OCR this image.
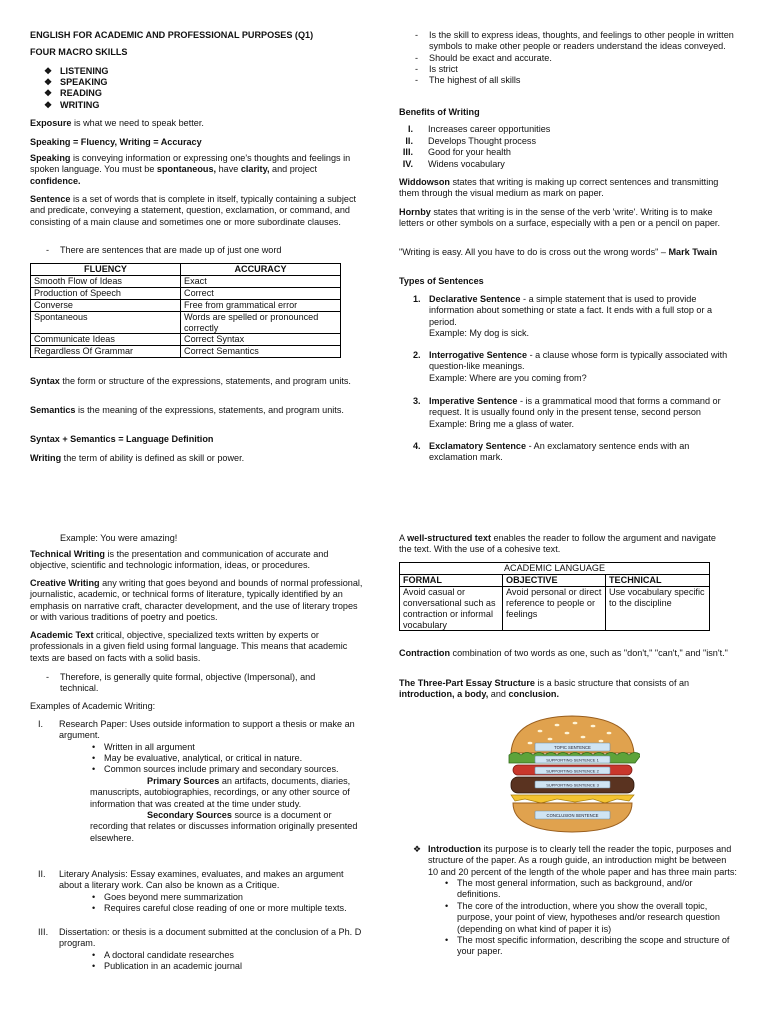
ENGLISH FOR ACADEMIC AND PROFESSIONAL PURPOSES (Q1)

FOUR MACRO SKILLS

❖ LISTENING
❖ SPEAKING
❖ READING
❖ WRITING

Exposure is what we need to speak better.

Speaking = Fluency, Writing = Accuracy

Speaking is conveying information or expressing one's thoughts and feelings in spoken language. You must be spontaneous, have clarity, and project confidence.

Sentence is a set of words that is complete in itself, typically containing a subject and predicate, conveying a statement, question, exclamation, or command, and consisting of a main clause and sometimes one or more subordinate clauses.

- There are sentences that are made up of just one word
FLUENCY	ACCURACY
Smooth Flow of Ideas	Exact
Production of Speech	Correct
Converse	Free from grammatical error
Spontaneous	Words are spelled or pronounced correctly
Communicate Ideas	Correct Syntax
Regardless Of Grammar	Correct Semantics

Syntax the form or structure of the expressions, statements, and program units.

Semantics is the meaning of the expressions, statements, and program units.

Syntax + Semantics = Language Definition

Writing the term of ability is defined as skill or power.

- Is the skill to express ideas, thoughts, and feelings to other people in written symbols to make other people or readers understand the ideas conveyed.
- Should be exact and accurate.
- Is strict
- The highest of all skills

Benefits of Writing

I. Increases career opportunities
II. Develops Thought process
III. Good for your health
IV. Widens vocabulary

Widdowson states that writing is making up correct sentences and transmitting them through the visual medium as mark on paper.

Hornby states that writing is in the sense of the verb 'write'. Writing is to make letters or other symbols on a surface, especially with a pen or a pencil on paper.

"Writing is easy. All you have to do is cross out the wrong words" – Mark Twain

Types of Sentences

1. Declarative Sentence - a simple statement that is used to provide information about something or state a fact. It ends with a full stop or a period.
Example: My dog is sick.
2. Interrogative Sentence - a clause whose form is typically associated with question-like meanings.
Example: Where are you coming from?
3. Imperative Sentence - is a grammatical mood that forms a command or request. It is usually found only in the present tense, second person
Example: Bring me a glass of water.
4. Exclamatory Sentence - An exclamatory sentence ends with an exclamation mark.

Example: You were amazing!

Technical Writing is the presentation and communication of accurate and objective, scientific and technologic information, ideas, or procedures.

Creative Writing any writing that goes beyond and bounds of normal professional, journalistic, academic, or technical forms of literature, typically identified by an emphasis on narrative craft, character development, and the use of literary tropes or with various traditions of poetry and poetics.

Academic Text critical, objective, specialized texts written by experts or professionals in a given field using formal language. This means that academic texts are based on facts with a solid basis.

- Therefore, is generally quite formal, objective (Impersonal), and technical.

Examples of Academic Writing:

I. Research Paper: Uses outside information to support a thesis or make an argument.
• Written in all argument
• May be evaluative, analytical, or critical in nature.
• Common sources include primary and secondary sources.

Primary Sources an artifacts, documents, diaries, manuscripts, autobiographies, recordings, or any other source of information that was created at the time under study.

Secondary Sources source is a document or recording that relates or discusses information originally presented elsewhere.

II. Literary Analysis: Essay examines, evaluates, and makes an argument about a literary work. Can also be known as a Critique.
• Goes beyond mere summarization
• Requires careful close reading of one or more multiple texts.
III. Dissertation: or thesis is a document submitted at the conclusion of a Ph. D program.
• A doctoral candidate researches
• Publication in an academic journal

A well-structured text enables the reader to follow the argument and navigate the text. With the use of a cohesive text.

ACADEMIC LANGUAGE		
FORMAL	OBJECTIVE	TECHNICAL
Avoid casual or conversational such as contraction or informal vocabulary	Avoid personal or direct reference to people or feelings	Use vocabulary specific to the discipline

Contraction combination of two words as one, such as "don't," "can't," and "isn't."

The Three-Part Essay Structure is a basic structure that consists of an introduction, a body, and conclusion.

TOPIC SENTENCE
SUPPORTING SENTENCE 1
SUPPORTING SENTENCE 2
SUPPORTING SENTENCE 3
CONCLUSION SENTENCE
❖ Introduction its purpose is to clearly tell the reader the topic, purposes and structure of the paper. As a rough guide, an introduction might be between 10 and 20 percent of the length of the whole paper and has three main parts:
• The most general information, such as background, and/or definitions.
• The core of the introduction, where you show the overall topic, purpose, your point of view, hypotheses and/or research question (depending on what kind of paper it is)
• The most specific information, describing the scope and structure of your paper.
